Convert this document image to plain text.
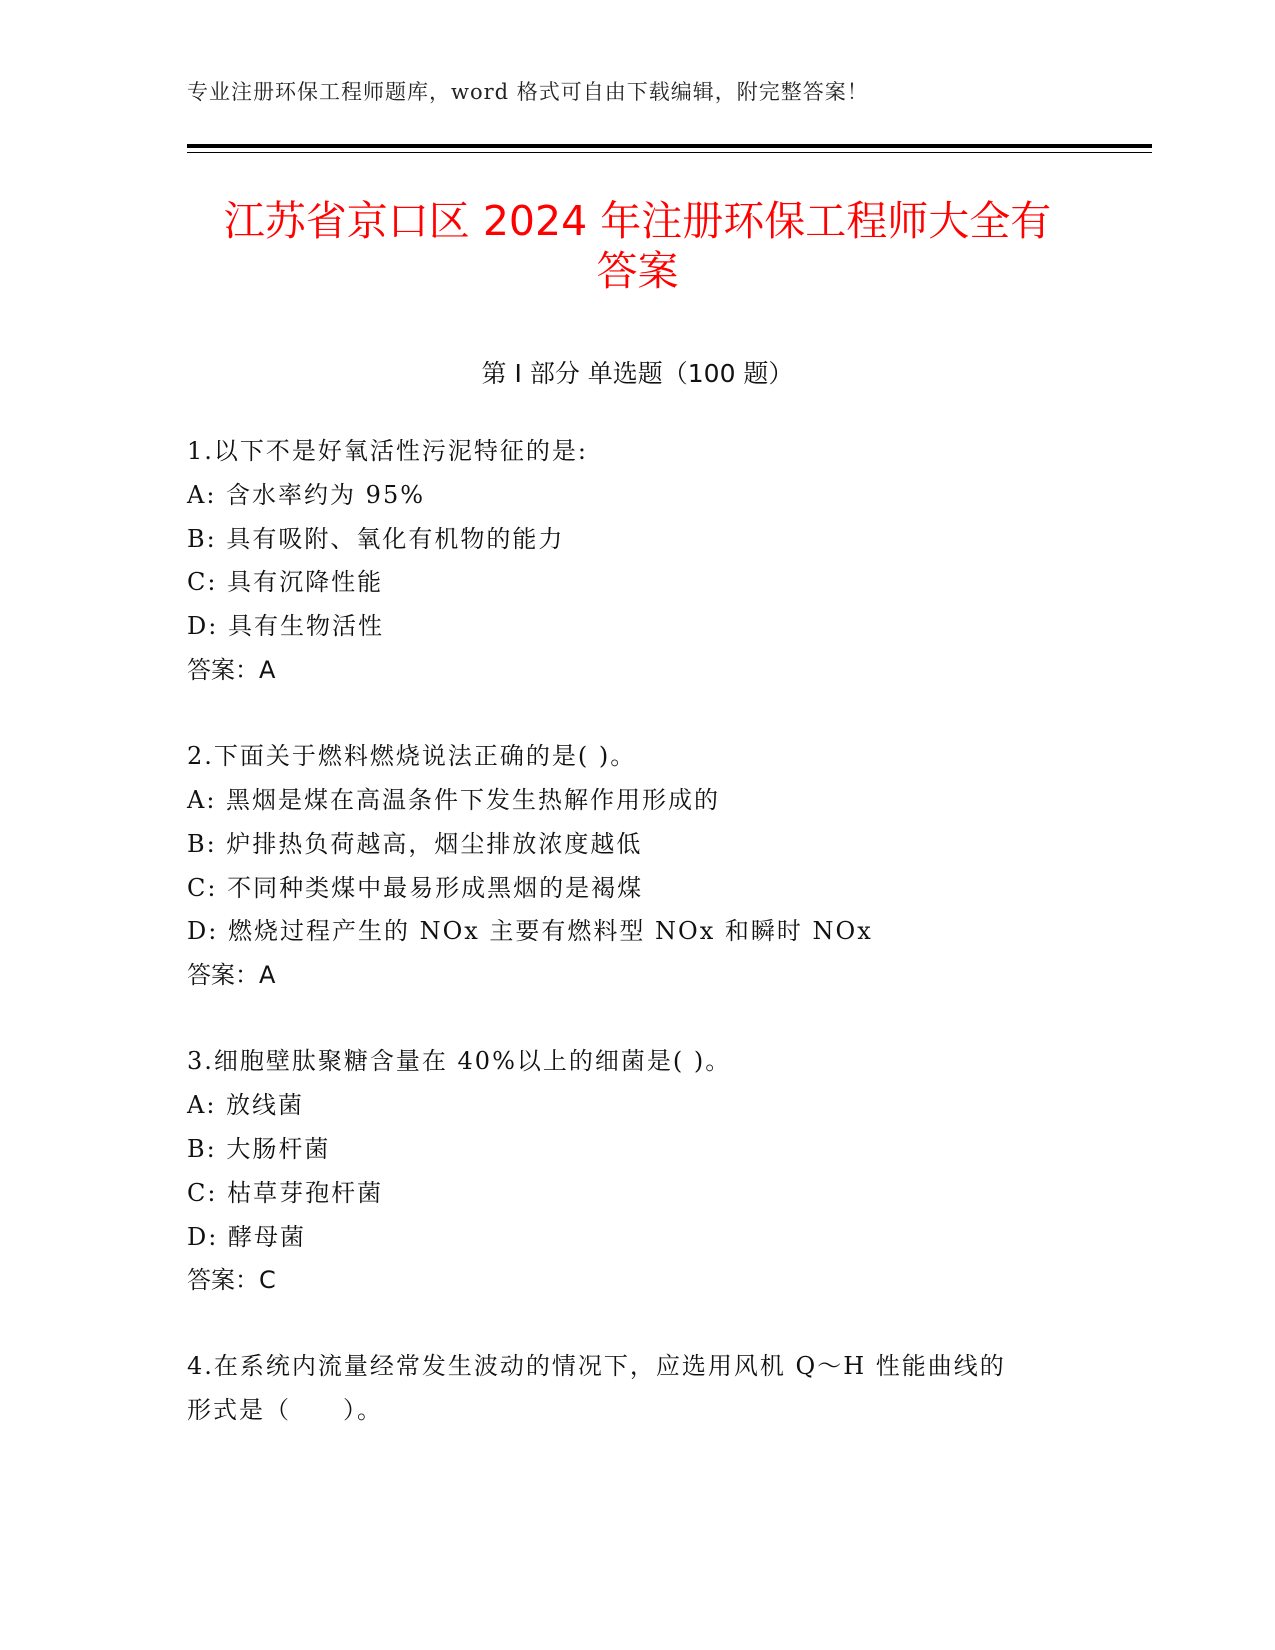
专业注册环保工程师题库，word 格式可自由下载编辑，附完整答案！
江苏省京口区 2024 年注册环保工程师大全有
答案
第 I 部分 单选题（100 题）
1.以下不是好氧活性污泥特征的是:
A: 含水率约为 95%
B: 具有吸附、氧化有机物的能力
C: 具有沉降性能
D: 具有生物活性
答案：A
2.下面关于燃料燃烧说法正确的是( )。
A: 黑烟是煤在高温条件下发生热解作用形成的
B: 炉排热负荷越高，烟尘排放浓度越低
C: 不同种类煤中最易形成黑烟的是褐煤
D: 燃烧过程产生的 NOx 主要有燃料型 NOx 和瞬时 NOx
答案：A
3.细胞壁肽聚糖含量在 40%以上的细菌是( )。
A: 放线菌
B: 大肠杆菌
C: 枯草芽孢杆菌
D: 酵母菌
答案：C
4.在系统内流量经常发生波动的情况下，应选用风机 Q～H 性能曲线的
形式是（　　）。
